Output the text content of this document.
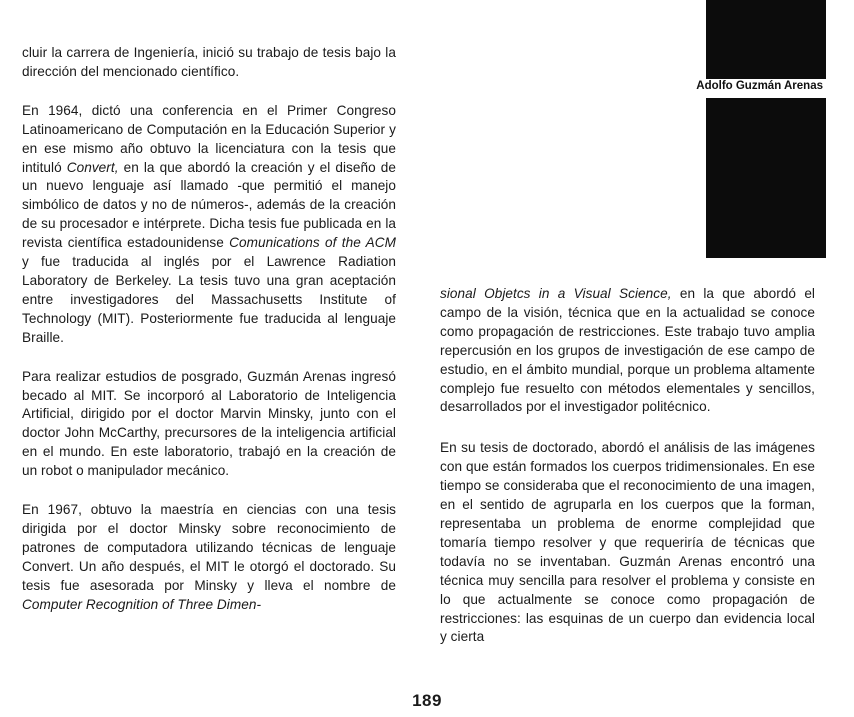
Adolfo Guzmán Arenas

cluir la carrera de Ingeniería, inició su trabajo de tesis bajo la dirección del mencionado científico.

En 1964, dictó una conferencia en el Primer Congreso Latinoamericano de Computación en la Educación Superior y en ese mismo año obtuvo la licenciatura con la tesis que intituló Convert, en la que abordó la creación y el diseño de un nuevo lenguaje así llamado -que permitió el manejo simbólico de datos y no de números-, además de la creación de su procesador e intérprete. Dicha tesis fue publicada en la revista científica estadounidense Comunications of the ACM y fue traducida al inglés por el Lawrence Radiation Laboratory de Berkeley. La tesis tuvo una gran aceptación entre investigadores del Massachusetts Institute of Technology (MIT). Posteriormente fue traducida al lenguaje Braille.

Para realizar estudios de posgrado, Guzmán Arenas ingresó becado al MIT. Se incorporó al Laboratorio de Inteligencia Artificial, dirigido por el doctor Marvin Minsky, junto con el doctor John McCarthy, precursores de la inteligencia artificial en el mundo. En este laboratorio, trabajó en la creación de un robot o manipulador mecánico.

En 1967, obtuvo la maestría en ciencias con una tesis dirigida por el doctor Minsky sobre reconocimiento de patrones de computadora utilizando técnicas de lenguaje Convert. Un año después, el MIT le otorgó el doctorado. Su tesis fue asesorada por Minsky y lleva el nombre de Computer Recognition of Three Dimen-

sional Objetcs in a Visual Science, en la que abordó el campo de la visión, técnica que en la actualidad se conoce como propagación de restricciones. Este trabajo tuvo amplia repercusión en los grupos de investigación de ese campo de estudio, en el ámbito mundial, porque un problema altamente complejo fue resuelto con métodos elementales y sencillos, desarrollados por el investigador politécnico.

En su tesis de doctorado, abordó el análisis de las imágenes con que están formados los cuerpos tridimensionales. En ese tiempo se consideraba que el reconocimiento de una imagen, en el sentido de agruparla en los cuerpos que la forman, representaba un problema de enorme complejidad que tomaría tiempo resolver y que requeriría de técnicas que todavía no se inventaban. Guzmán Arenas encontró una técnica muy sencilla para resolver el problema y consiste en lo que actualmente se conoce como propagación de restricciones: las esquinas de un cuerpo dan evidencia local y cierta

189
